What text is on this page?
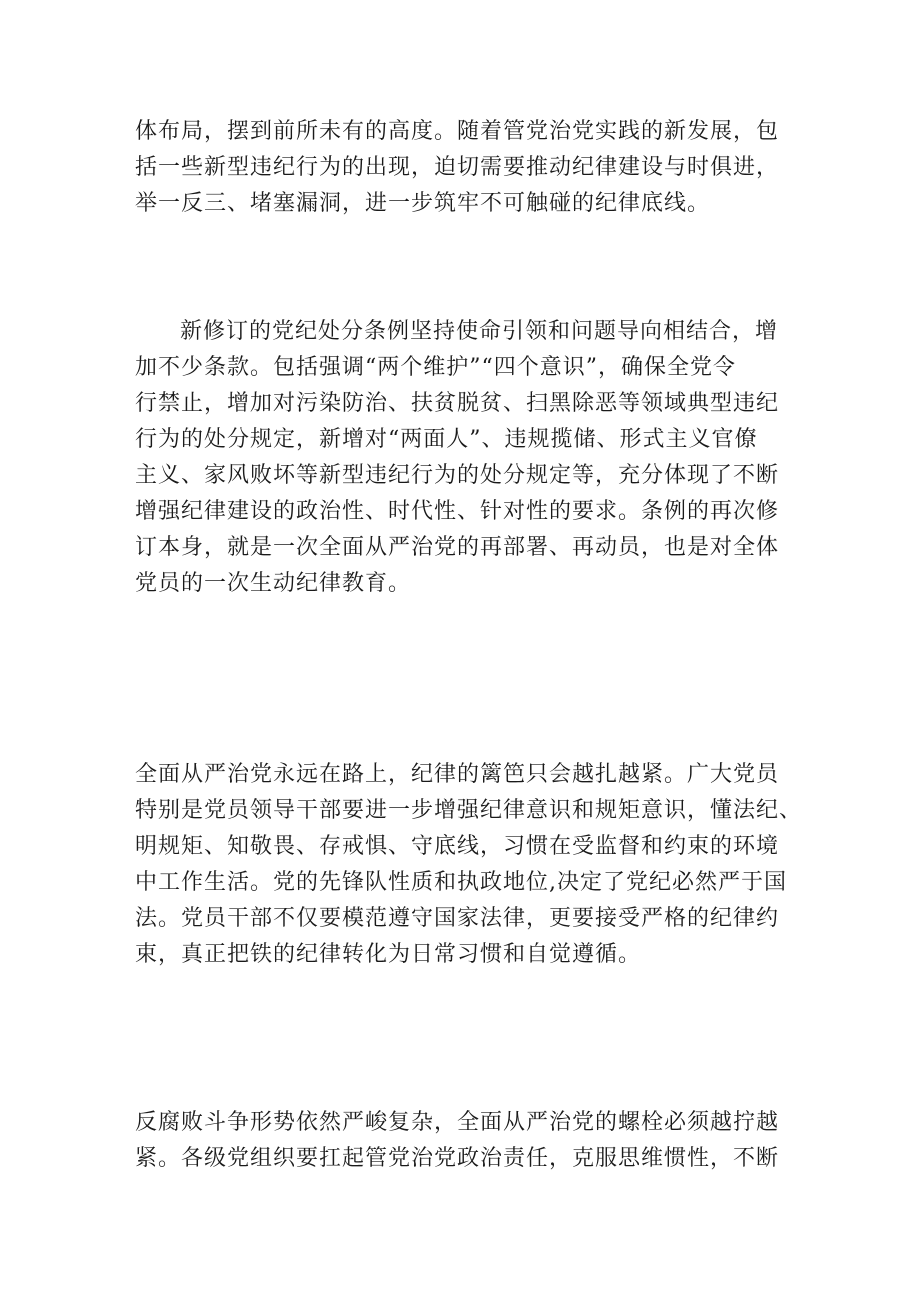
体布局，摆到前所未有的高度。随着管党治党实践的新发展，包
括一些新型违纪行为的出现，迫切需要推动纪律建设与时俱进，
举一反三、堵塞漏洞，进一步筑牢不可触碰的纪律底线。

新修订的党纪处分条例坚持使命引领和问题导向相结合，增
加不少条款。包括强调“两个维护”“四个意识”，确保全党令
行禁止，增加对污染防治、扶贫脱贫、扫黑除恶等领域典型违纪
行为的处分规定，新增对“两面人”、违规揽储、形式主义官僚
主义、家风败坏等新型违纪行为的处分规定等，充分体现了不断
增强纪律建设的政治性、时代性、针对性的要求。条例的再次修
订本身，就是一次全面从严治党的再部署、再动员，也是对全体
党员的一次生动纪律教育。

全面从严治党永远在路上，纪律的篱笆只会越扎越紧。广大党员
特别是党员领导干部要进一步增强纪律意识和规矩意识，懂法纪、
明规矩、知敬畏、存戒惧、守底线，习惯在受监督和约束的环境
中工作生活。党的先锋队性质和执政地位,决定了党纪必然严于国
法。党员干部不仅要模范遵守国家法律，更要接受严格的纪律约
束，真正把铁的纪律转化为日常习惯和自觉遵循。

反腐败斗争形势依然严峻复杂，全面从严治党的螺栓必须越拧越
紧。各级党组织要扛起管党治党政治责任，克服思维惯性，不断
